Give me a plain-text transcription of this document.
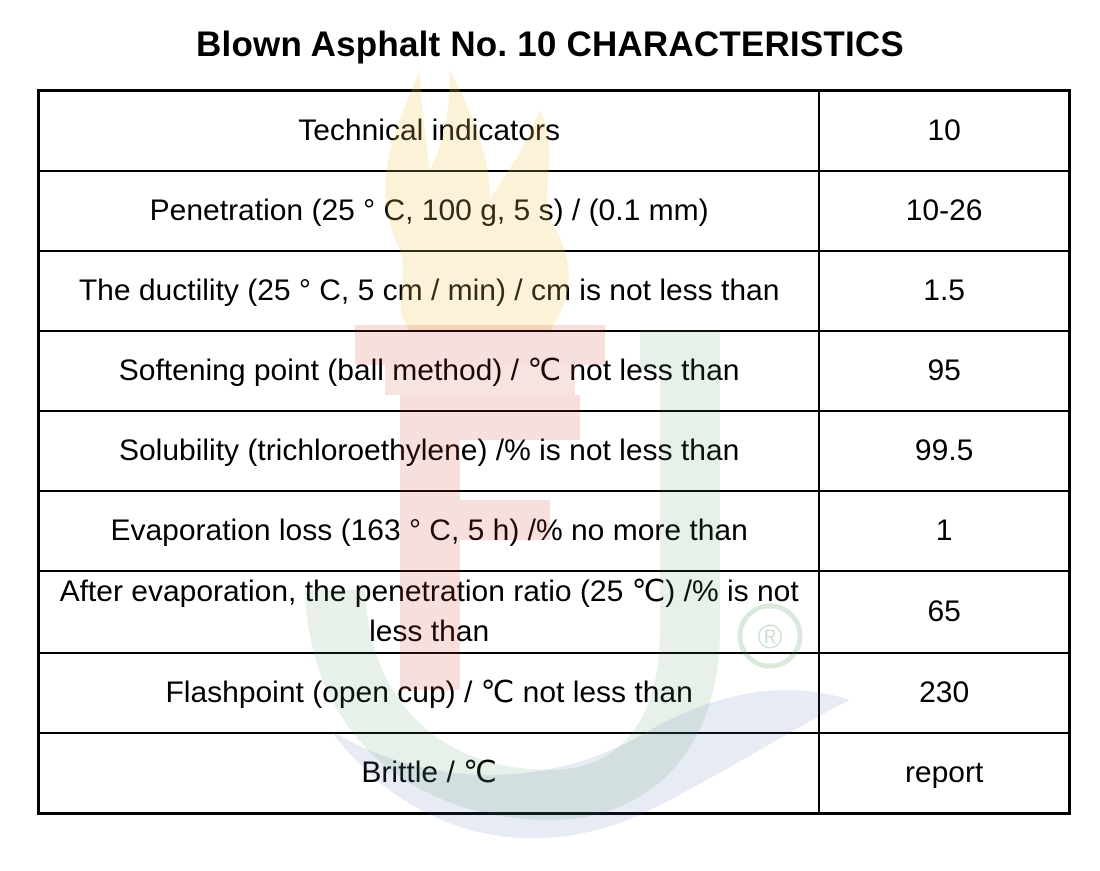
Blown Asphalt No. 10 CHARACTERISTICS
Technical indicators	10
Penetration (25 ° C, 100 g, 5 s) / (0.1 mm)	10-26
The ductility (25 ° C, 5 cm / min) / cm is not less than	1.5
Softening point (ball method) / ℃ not less than	95
Solubility (trichloroethylene) /% is not less than	99.5
Evaporation loss (163 ° C, 5 h) /% no more than	1
After evaporation, the penetration ratio (25 ℃) /% is not less than	65
Flashpoint (open cup) / ℃ not less than	230
Brittle / ℃	report
®
